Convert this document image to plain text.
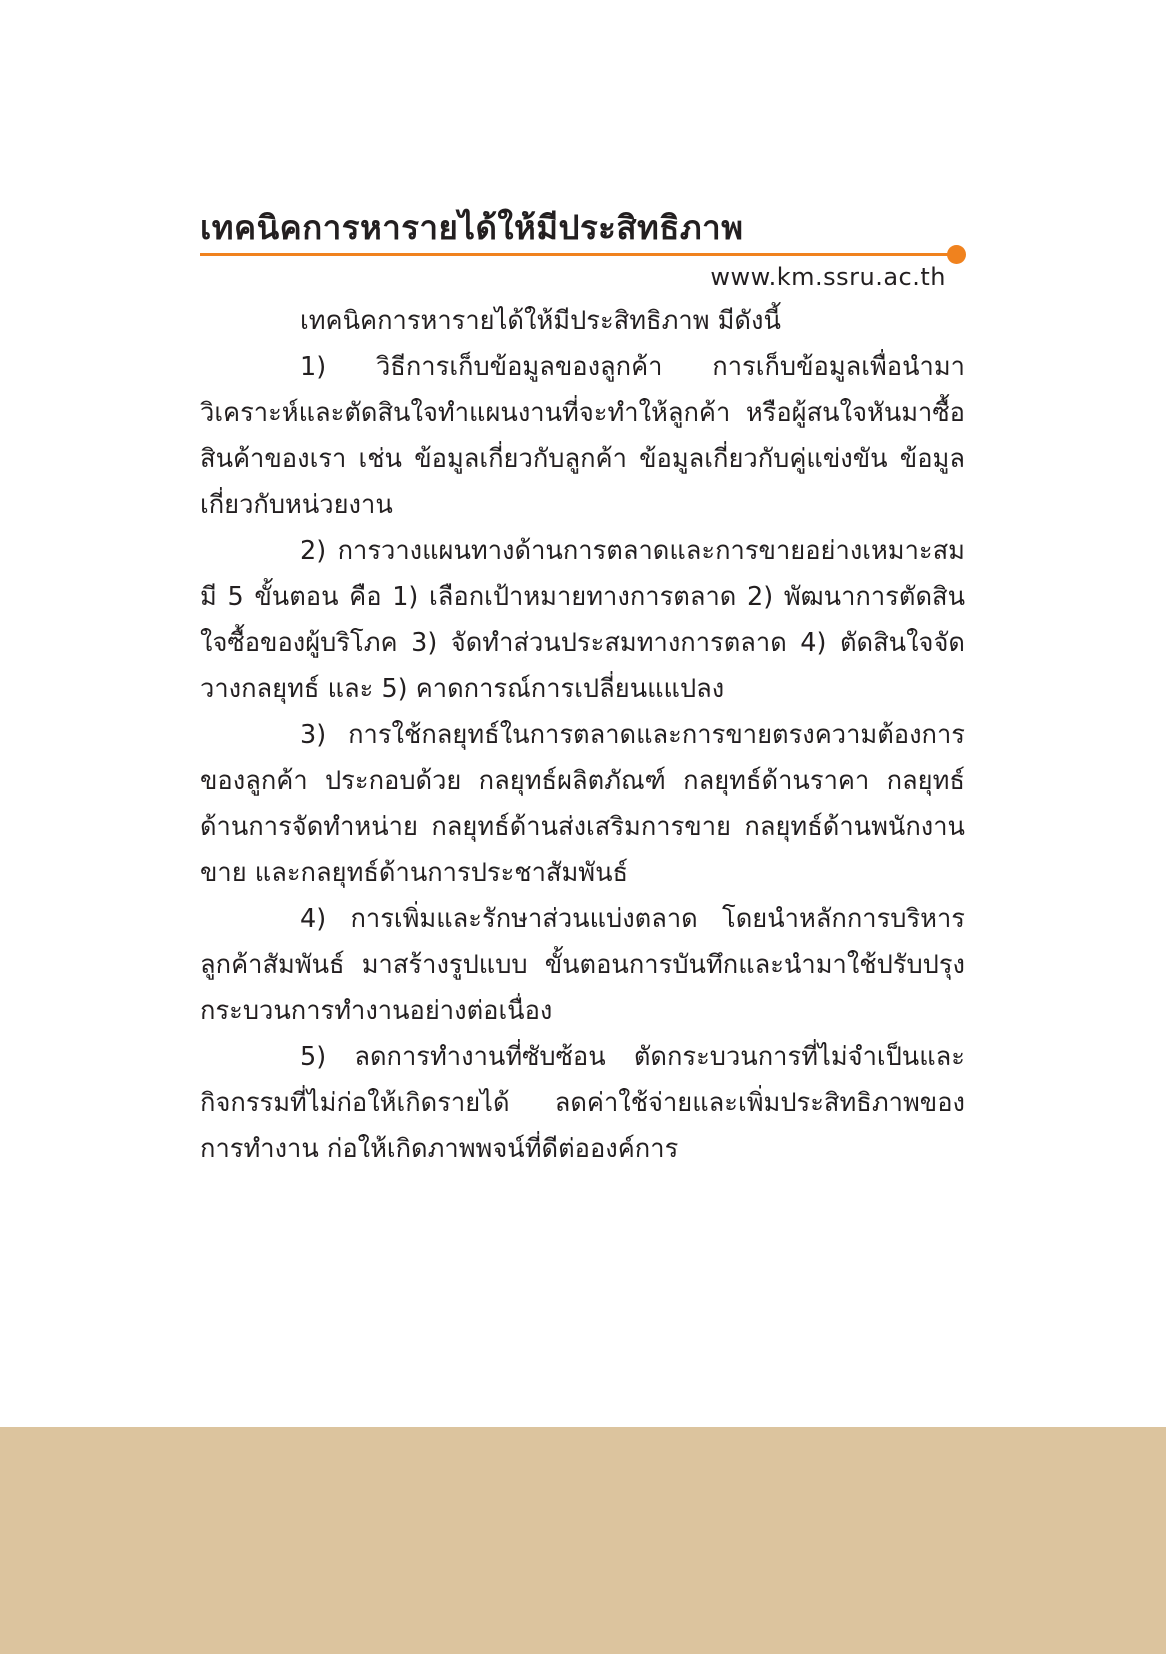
เทคนิคการหารายได้ให้มีประสิทธิภาพ
www.km.ssru.ac.th

เทคนิคการหารายได้ให้มีประสิทธิภาพ มีดังนี้

1) วิธีการเก็บข้อมูลของลูกค้า การเก็บข้อมูลเพื่อนำมาวิเคราะห์และตัดสินใจทำแผนงานที่จะทำให้ลูกค้า หรือผู้สนใจหันมาซื้อสินค้าของเรา เช่น ข้อมูลเกี่ยวกับลูกค้า ข้อมูลเกี่ยวกับคู่แข่งขัน ข้อมูลเกี่ยวกับหน่วยงาน

2) การวางแผนทางด้านการตลาดและการขายอย่างเหมาะสม มี 5 ขั้นตอน คือ 1) เลือกเป้าหมายทางการตลาด 2) พัฒนาการตัดสินใจซื้อของผู้บริโภค 3) จัดทำส่วนประสมทางการตลาด 4) ตัดสินใจจัดวางกลยุทธ์ และ 5) คาดการณ์การเปลี่ยนแแปลง

3) การใช้กลยุทธ์ในการตลาดและการขายตรงความต้องการของลูกค้า ประกอบด้วย กลยุทธ์ผลิตภัณฑ์ กลยุทธ์ด้านราคา กลยุทธ์ด้านการจัดทำหน่าย กลยุทธ์ด้านส่งเสริมการขาย กลยุทธ์ด้านพนักงานขาย และกลยุทธ์ด้านการประชาสัมพันธ์

4) การเพิ่มและรักษาส่วนแบ่งตลาด โดยนำหลักการบริหารลูกค้าสัมพันธ์ มาสร้างรูปแบบ ขั้นตอนการบันทึกและนำมาใช้ปรับปรุงกระบวนการทำงานอย่างต่อเนื่อง

5) ลดการทำงานที่ซับซ้อน ตัดกระบวนการที่ไม่จำเป็นและกิจกรรมที่ไม่ก่อให้เกิดรายได้ ลดค่าใช้จ่ายและเพิ่มประสิทธิภาพของการทำงาน ก่อให้เกิดภาพพจน์ที่ดีต่อองค์การ
